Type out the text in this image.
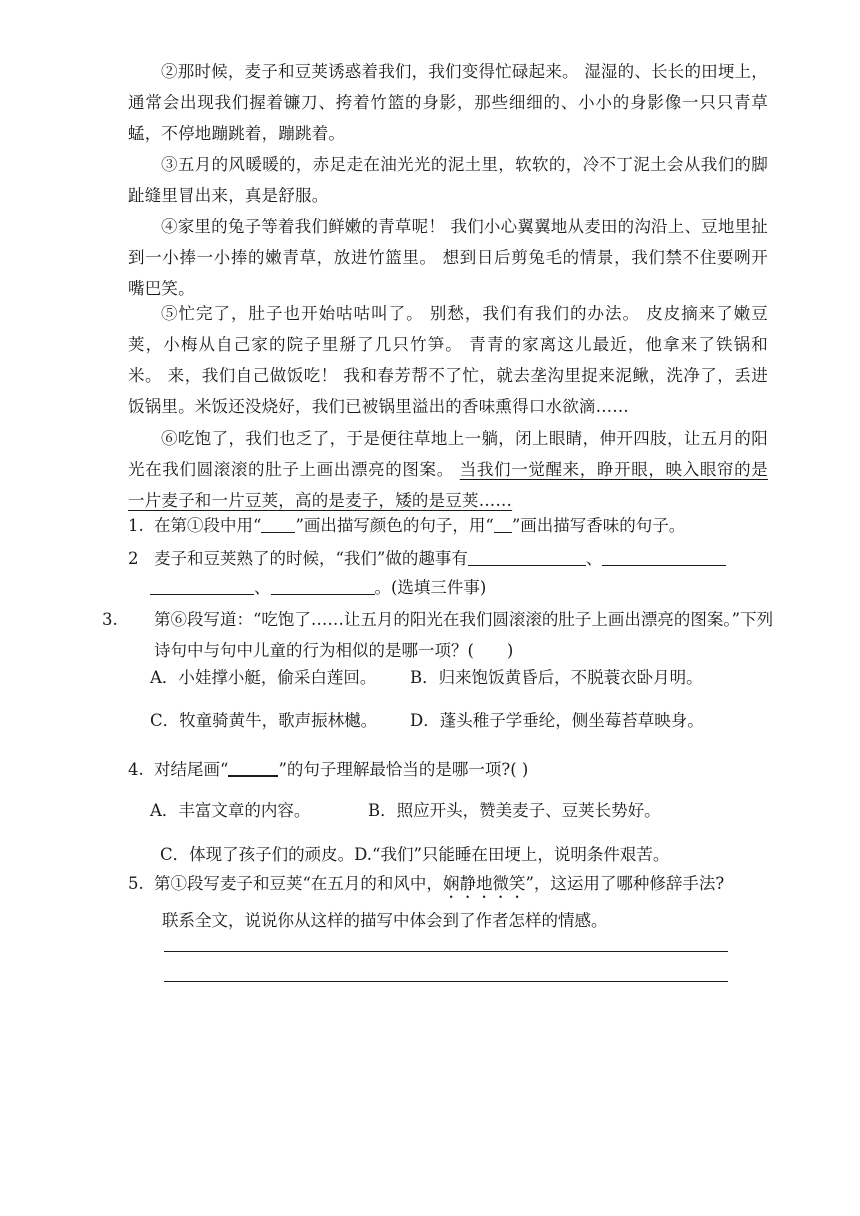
②那时候，麦子和豆荚诱惑着我们，我们变得忙碌起来。 湿湿的、长长的田埂上，通常会出现我们握着镰刀、挎着竹篮的身影，那些细细的、小小的身影像一只只青草蜢，不停地蹦跳着，蹦跳着。
③五月的风暖暖的，赤足走在油光光的泥土里，软软的，冷不丁泥土会从我们的脚趾缝里冒出来，真是舒服。
④家里的兔子等着我们鲜嫩的青草呢！ 我们小心翼翼地从麦田的沟沿上、豆地里扯到一小捧一小捧的嫩青草，放进竹篮里。 想到日后剪兔毛的情景，我们禁不住要咧开嘴巴笑。
⑤忙完了，肚子也开始咕咕叫了。 别愁，我们有我们的办法。 皮皮摘来了嫩豆荚，小梅从自己家的院子里掰了几只竹笋。 青青的家离这儿最近，他拿来了铁锅和米。 来，我们自己做饭吃！ 我和春芳帮不了忙，就去垄沟里捉来泥鳅，洗净了，丢进饭锅里。米饭还没烧好，我们已被锅里溢出的香味熏得口水欲滴……
⑥吃饱了，我们也乏了，于是便往草地上一躺，闭上眼睛，伸开四肢，让五月的阳光在我们圆滚滚的肚子上画出漂亮的图案。 当我们一觉醒来，睁开眼，映入眼帘的是一片麦子和一片豆荚，高的是麦子，矮的是豆荚……
1. 在第①段中用“ ”画出描写颜色的句子，用“ ”画出描写香味的句子。
2 麦子和豆荚熟了的时候，“我们”做的趣事有	、
、	。(选填三件事)
3. 第⑥段写道：“吃饱了……让五月的阳光在我们圆滚滚的肚子上画出漂亮的图案。”下列诗句中与句中儿童的行为相似的是哪一项？(　　)
A．小娃撑小艇，偷采白莲回。 B．归来饱饭黄昏后，不脱蓑衣卧月明。
C．牧童骑黄牛，歌声振林樾。 D．蓬头稚子学垂纶，侧坐莓苔草映身。
4. 对结尾画“	”的句子理解最恰当的是哪一项?( )
A．丰富文章的内容。	B．照应开头，赞美麦子、豆荚长势好。
C．体现了孩子们的顽皮。D.“我们”只能睡在田埂上，说明条件艰苦。
5. 第①段写麦子和豆荚“在五月的和风中，娴静地微笑”，这运用了哪种修辞手法?
联系全文，说说你从这样的描写中体会到了作者怎样的情感。
